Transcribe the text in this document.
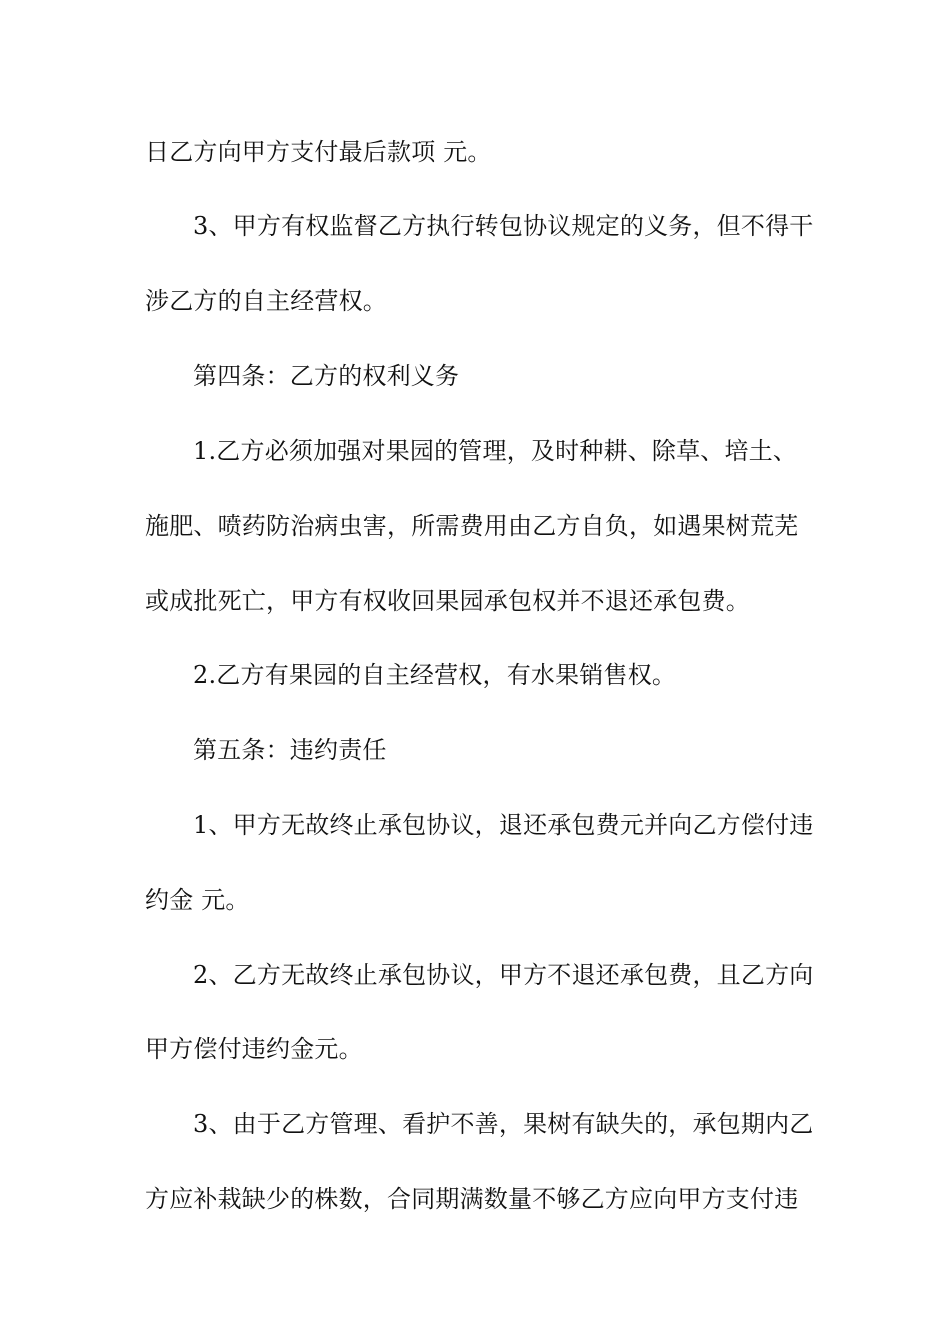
日乙方向甲方支付最后款项 元。

3、甲方有权监督乙方执行转包协议规定的义务，但不得干

涉乙方的自主经营权。

第四条：乙方的权利义务

1.乙方必须加强对果园的管理，及时种耕、除草、培土、

施肥、喷药防治病虫害，所需费用由乙方自负，如遇果树荒芜

或成批死亡，甲方有权收回果园承包权并不退还承包费。

2.乙方有果园的自主经营权，有水果销售权。

第五条：违约责任

1、甲方无故终止承包协议，退还承包费元并向乙方偿付违

约金 元。

2、乙方无故终止承包协议，甲方不退还承包费，且乙方向

甲方偿付违约金元。

3、由于乙方管理、看护不善，果树有缺失的，承包期内乙

方应补栽缺少的株数，合同期满数量不够乙方应向甲方支付违
